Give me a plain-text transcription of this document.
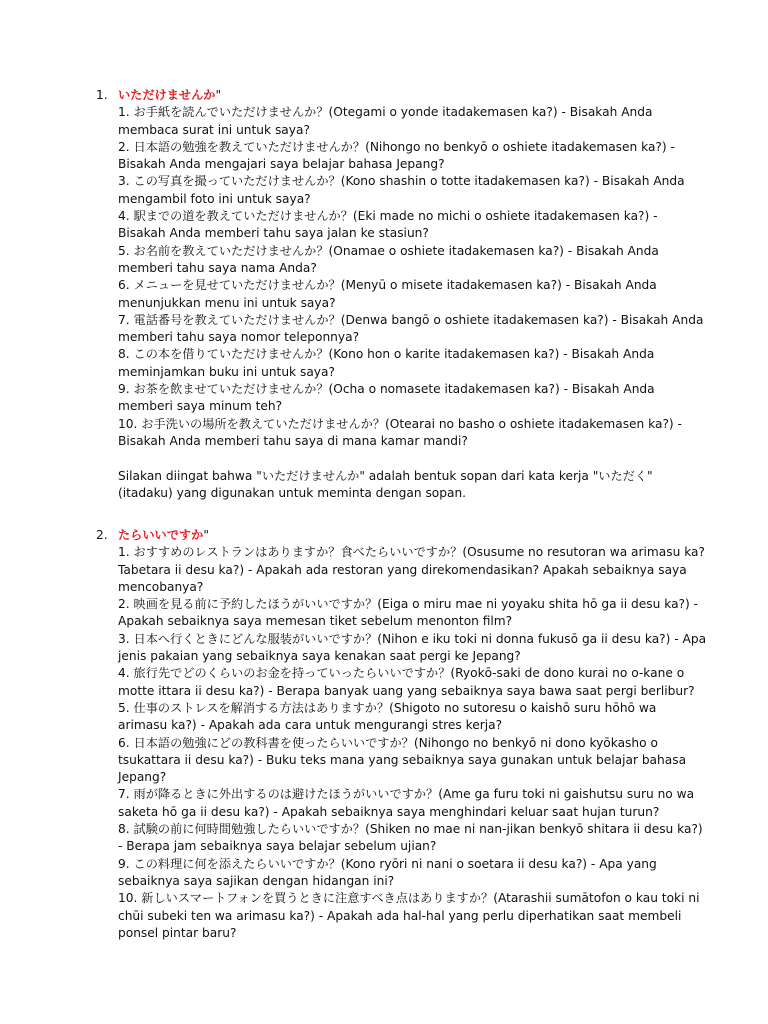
1. いただけませんか"

1. お手紙を読んでいただけませんか？(Otegami o yonde itadakemasen ka?) - Bisakah Anda membaca surat ini untuk saya?

2. 日本語の勉強を教えていただけませんか？(Nihongo no benkyō o oshiete itadakemasen ka?) - Bisakah Anda mengajari saya belajar bahasa Jepang?

3. この写真を撮っていただけませんか？(Kono shashin o totte itadakemasen ka?) - Bisakah Anda mengambil foto ini untuk saya?

4. 駅までの道を教えていただけませんか？(Eki made no michi o oshiete itadakemasen ka?) - Bisakah Anda memberi tahu saya jalan ke stasiun?

5. お名前を教えていただけませんか？(Onamae o oshiete itadakemasen ka?) - Bisakah Anda memberi tahu saya nama Anda?

6. メニューを見せていただけませんか？(Menyū o misete itadakemasen ka?) - Bisakah Anda menunjukkan menu ini untuk saya?

7. 電話番号を教えていただけませんか？(Denwa bangō o oshiete itadakemasen ka?) - Bisakah Anda memberi tahu saya nomor teleponnya?

8. この本を借りていただけませんか？(Kono hon o karite itadakemasen ka?) - Bisakah Anda meminjamkan buku ini untuk saya?

9. お茶を飲ませていただけませんか？(Ocha o nomasete itadakemasen ka?) - Bisakah Anda memberi saya minum teh?

10. お手洗いの場所を教えていただけませんか？(Otearai no basho o oshiete itadakemasen ka?) - Bisakah Anda memberi tahu saya di mana kamar mandi?

Silakan diingat bahwa "いただけませんか" adalah bentuk sopan dari kata kerja "いただく" (itadaku) yang digunakan untuk meminta dengan sopan.

2. たらいいですか"

1. おすすめのレストランはありますか？食べたらいいですか？(Osusume no resutoran wa arimasu ka? Tabetara ii desu ka?) - Apakah ada restoran yang direkomendasikan? Apakah sebaiknya saya mencobanya?

2. 映画を見る前に予約したほうがいいですか？(Eiga o miru mae ni yoyaku shita hō ga ii desu ka?) - Apakah sebaiknya saya memesan tiket sebelum menonton film?

3. 日本へ行くときにどんな服装がいいですか？(Nihon e iku toki ni donna fukusō ga ii desu ka?) - Apa jenis pakaian yang sebaiknya saya kenakan saat pergi ke Jepang?

4. 旅行先でどのくらいのお金を持っていったらいいですか？(Ryokō-saki de dono kurai no o-kane o motte ittara ii desu ka?) - Berapa banyak uang yang sebaiknya saya bawa saat pergi berlibur?

5. 仕事のストレスを解消する方法はありますか？(Shigoto no sutoresu o kaishō suru hōhō wa arimasu ka?) - Apakah ada cara untuk mengurangi stres kerja?

6. 日本語の勉強にどの教科書を使ったらいいですか？(Nihongo no benkyō ni dono kyōkasho o tsukattara ii desu ka?) - Buku teks mana yang sebaiknya saya gunakan untuk belajar bahasa Jepang?

7. 雨が降るときに外出するのは避けたほうがいいですか？(Ame ga furu toki ni gaishutsu suru no wa saketa hō ga ii desu ka?) - Apakah sebaiknya saya menghindari keluar saat hujan turun?

8. 試験の前に何時間勉強したらいいですか？(Shiken no mae ni nan-jikan benkyō shitara ii desu ka?) - Berapa jam sebaiknya saya belajar sebelum ujian?

9. この料理に何を添えたらいいですか？(Kono ryōri ni nani o soetara ii desu ka?) - Apa yang sebaiknya saya sajikan dengan hidangan ini?

10. 新しいスマートフォンを買うときに注意すべき点はありますか？(Atarashii sumātofon o kau toki ni chūi subeki ten wa arimasu ka?) - Apakah ada hal-hal yang perlu diperhatikan saat membeli ponsel pintar baru?
